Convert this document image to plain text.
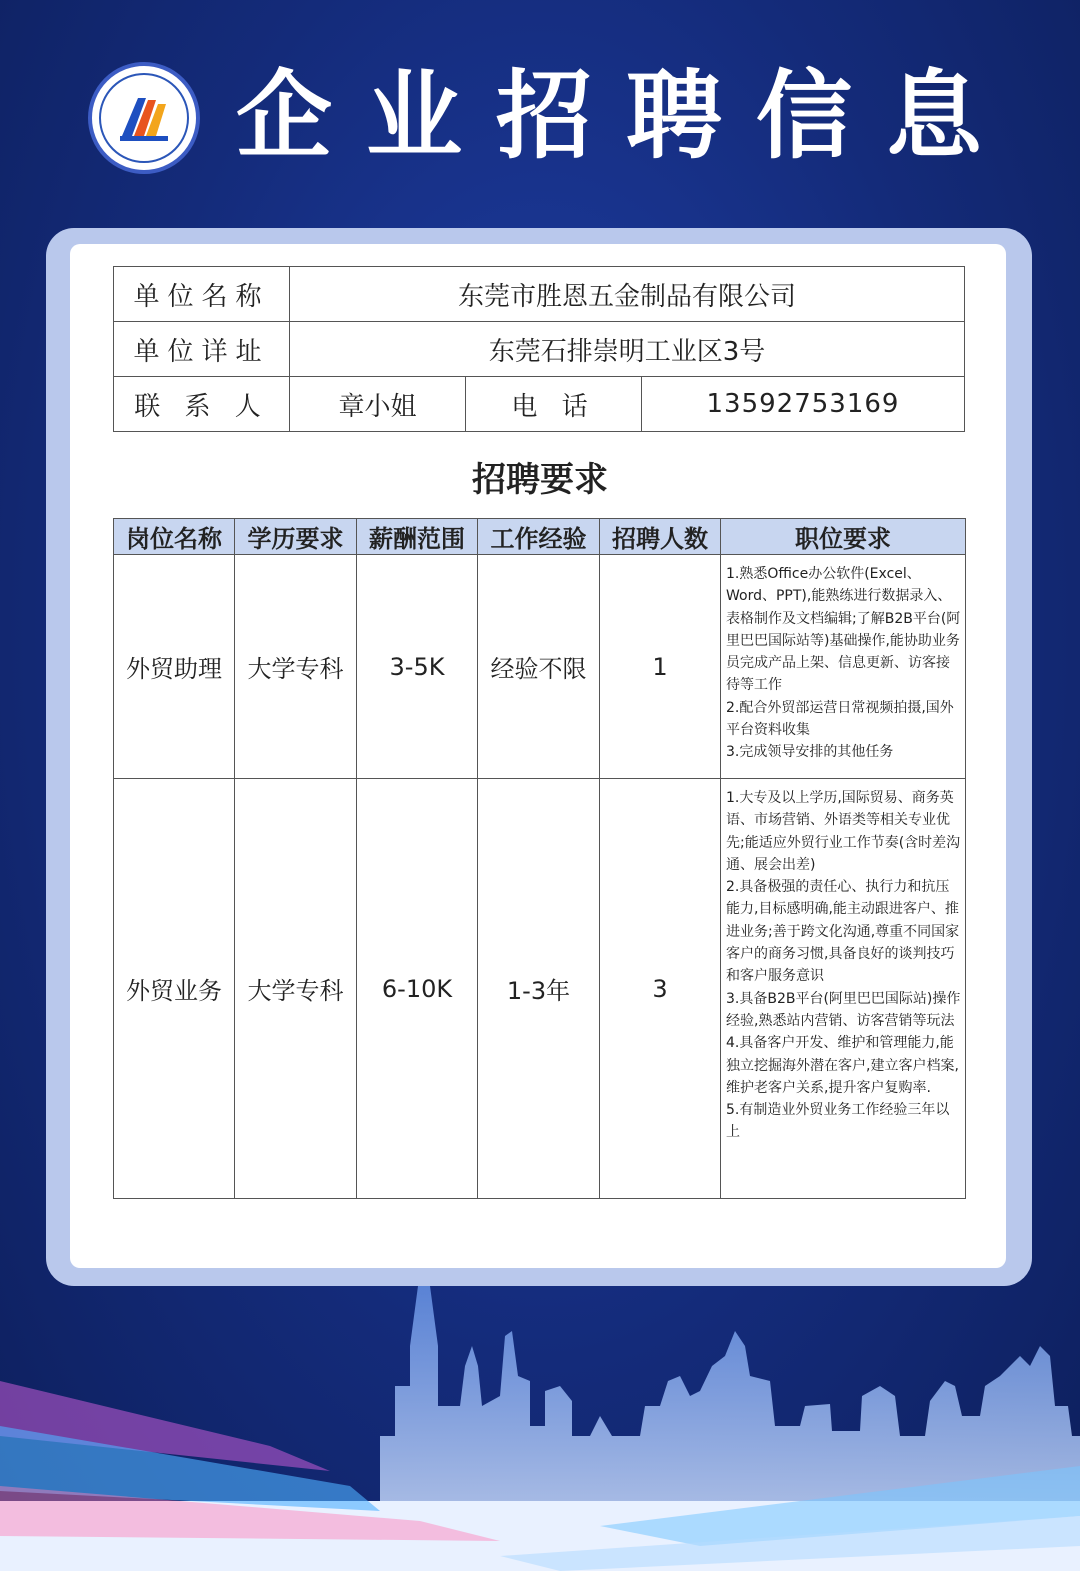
企业招聘信息
单位名称	东莞市胜恩五金制品有限公司		
单位详址	东莞石排崇明工业区3号		
联 系 人	章小姐	电 话	13592753169
招聘要求
岗位名称	学历要求	薪酬范围	工作经验	招聘人数	职位要求
外贸助理	大学专科	3-5K	经验不限	1	1.熟悉Office办公软件(Excel、Word、PPT),能熟练进行数据录入、表格制作及文档编辑;了解B2B平台(阿里巴巴国际站等)基础操作,能协助业务员完成产品上架、信息更新、访客接待等工作
2.配合外贸部运营日常视频拍摄,国外平台资料收集
3.完成领导安排的其他任务
外贸业务	大学专科	6-10K	1-3年	3	1.大专及以上学历,国际贸易、商务英语、市场营销、外语类等相关专业优先;能适应外贸行业工作节奏(含时差沟通、展会出差)
2.具备极强的责任心、执行力和抗压能力,目标感明确,能主动跟进客户、推进业务;善于跨文化沟通,尊重不同国家客户的商务习惯,具备良好的谈判技巧和客户服务意识
3.具备B2B平台(阿里巴巴国际站)操作经验,熟悉站内营销、访客营销等玩法
4.具备客户开发、维护和管理能力,能独立挖掘海外潜在客户,建立客户档案,维护老客户关系,提升客户复购率.
5.有制造业外贸业务工作经验三年以上
